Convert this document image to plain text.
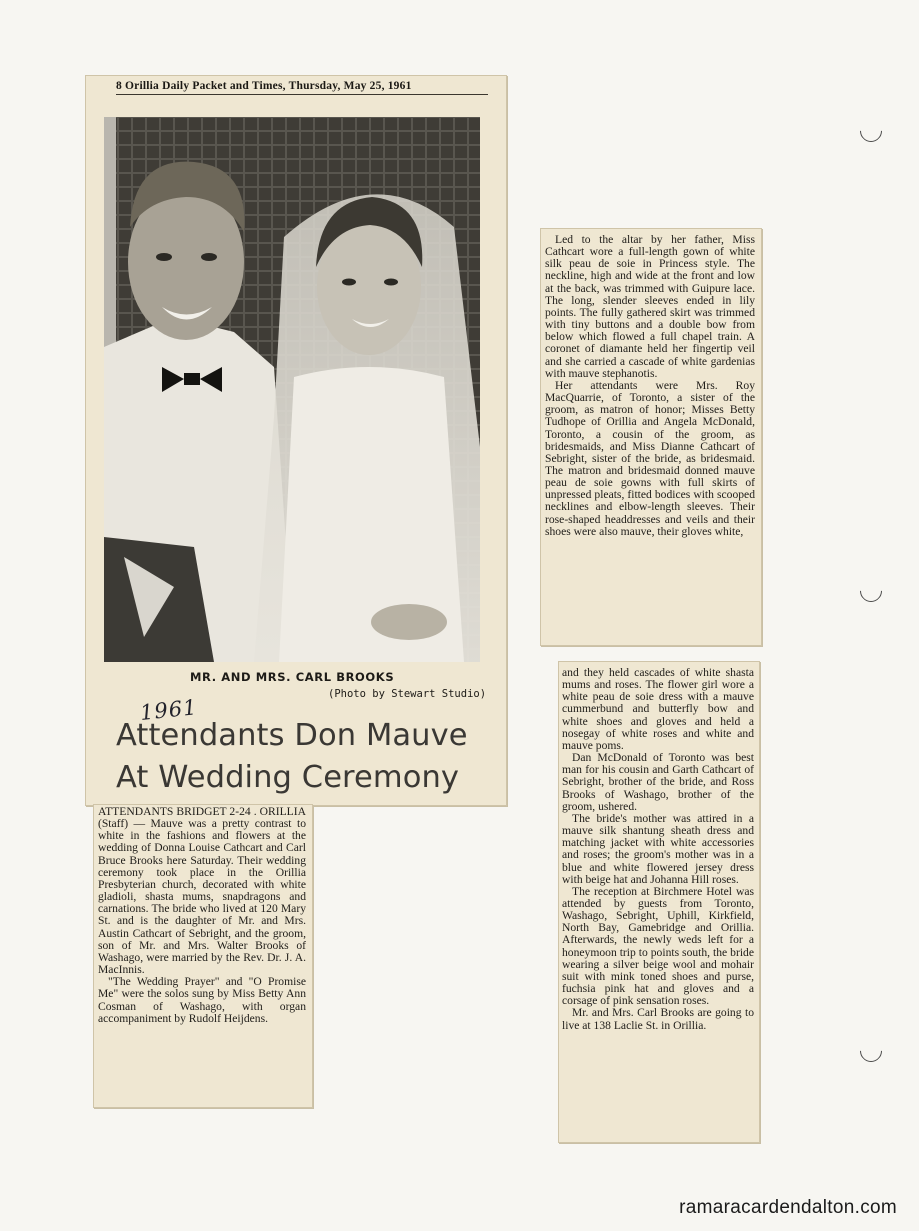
8 Orillia Daily Packet and Times, Thursday, May 25, 1961
MR. AND MRS. CARL BROOKS
(Photo by Stewart Studio)
1961
Attendants Don Mauve
At Wedding Ceremony

ATTENDANTS BRIDGET 2-24 . ORILLIA (Staff) — Mauve was a pretty contrast to white in the fashions and flowers at the wedding of Donna Louise Cathcart and Carl Bruce Brooks here Saturday. Their wedding ceremony took place in the Orillia Presbyterian church, decorated with white gladioli, shasta mums, snapdragons and carnations. The bride who lived at 120 Mary St. and is the daughter of Mr. and Mrs. Austin Cathcart of Sebright, and the groom, son of Mr. and Mrs. Walter Brooks of Washago, were married by the Rev. Dr. J. A. MacInnis.

"The Wedding Prayer" and "O Promise Me" were the solos sung by Miss Betty Ann Cosman of Washago, with organ accompaniment by Rudolf Heijdens.

Led to the altar by her father, Miss Cathcart wore a full-length gown of white silk peau de soie in Princess style. The neckline, high and wide at the front and low at the back, was trimmed with Guipure lace. The long, slender sleeves ended in lily points. The fully gathered skirt was trimmed with tiny buttons and a double bow from below which flowed a full chapel train. A coronet of diamante held her fingertip veil and she carried a cascade of white gardenias with mauve stephanotis.

Her attendants were Mrs. Roy MacQuarrie, of Toronto, a sister of the groom, as matron of honor; Misses Betty Tudhope of Orillia and Angela McDonald, Toronto, a cousin of the groom, as bridesmaids, and Miss Dianne Cathcart of Sebright, sister of the bride, as bridesmaid. The matron and bridesmaid donned mauve peau de soie gowns with full skirts of unpressed pleats, fitted bodices with scooped necklines and elbow-length sleeves. Their rose-shaped headdresses and veils and their shoes were also mauve, their gloves white,

and they held cascades of white shasta mums and roses. The flower girl wore a white peau de soie dress with a mauve cummerbund and butterfly bow and white shoes and gloves and held a nosegay of white roses and white and mauve poms.

Dan McDonald of Toronto was best man for his cousin and Garth Cathcart of Sebright, brother of the bride, and Ross Brooks of Washago, brother of the groom, ushered.

The bride's mother was attired in a mauve silk shantung sheath dress and matching jacket with white accessories and roses; the groom's mother was in a blue and white flowered jersey dress with beige hat and Johanna Hill roses.

The reception at Birchmere Hotel was attended by guests from Toronto, Washago, Sebright, Uphill, Kirkfield, North Bay, Gamebridge and Orillia. Afterwards, the newly weds left for a honeymoon trip to points south, the bride wearing a silver beige wool and mohair suit with mink toned shoes and purse, fuchsia pink hat and gloves and a corsage of pink sensation roses.

Mr. and Mrs. Carl Brooks are going to live at 138 Laclie St. in Orillia.

ramaracardendalton.com
